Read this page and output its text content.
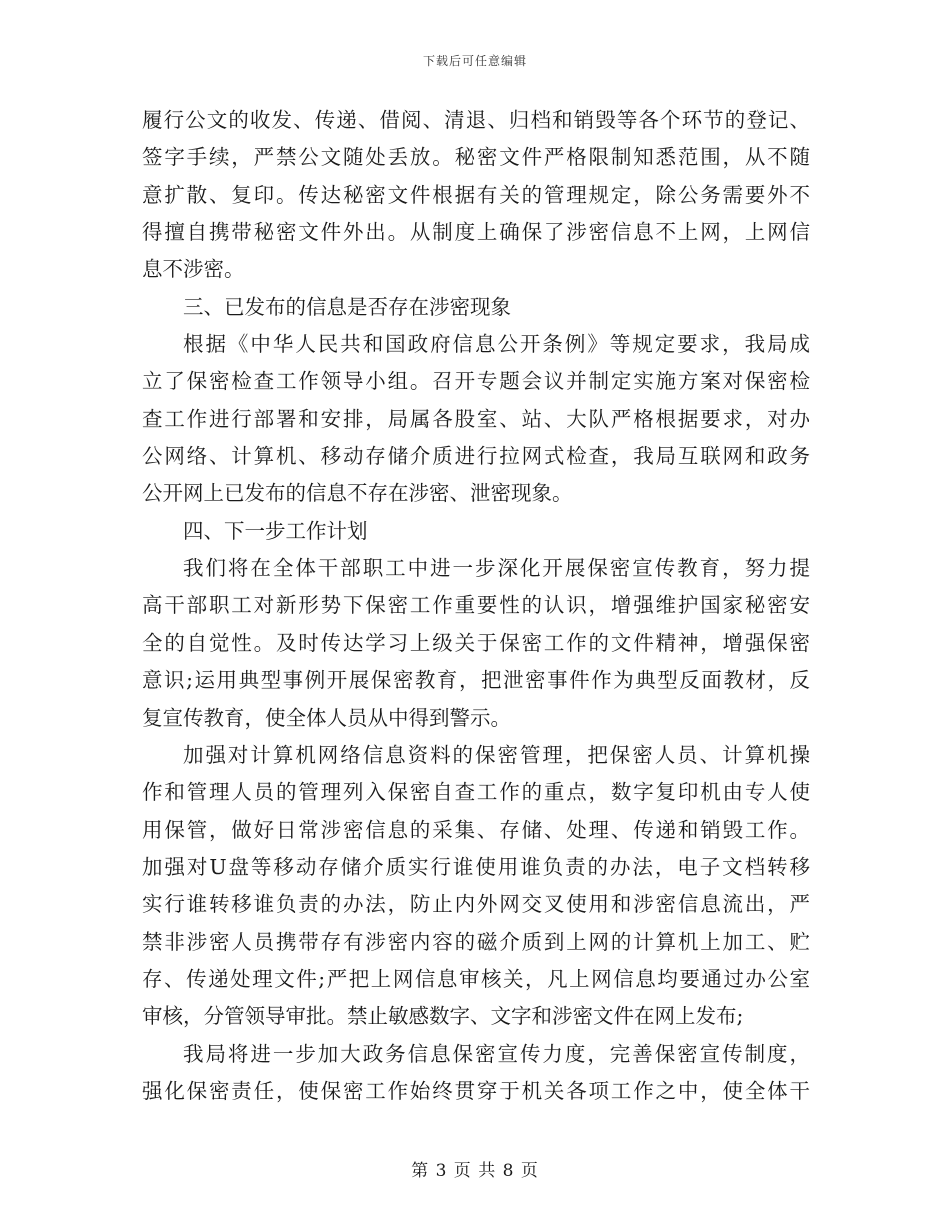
下载后可任意编辑
履行公文的收发、传递、借阅、清退、归档和销毁等各个环节的登记、
签字手续，严禁公文随处丢放。秘密文件严格限制知悉范围，从不随
意扩散、复印。传达秘密文件根据有关的管理规定，除公务需要外不
得擅自携带秘密文件外出。从制度上确保了涉密信息不上网，上网信
息不涉密。
三、已发布的信息是否存在涉密现象
根据《中华人民共和国政府信息公开条例》等规定要求，我局成
立了保密检查工作领导小组。召开专题会议并制定实施方案对保密检
查工作进行部署和安排，局属各股室、站、大队严格根据要求，对办
公网络、计算机、移动存储介质进行拉网式检查，我局互联网和政务
公开网上已发布的信息不存在涉密、泄密现象。
四、下一步工作计划
我们将在全体干部职工中进一步深化开展保密宣传教育，努力提
高干部职工对新形势下保密工作重要性的认识，增强维护国家秘密安
全的自觉性。及时传达学习上级关于保密工作的文件精神，增强保密
意识;运用典型事例开展保密教育，把泄密事件作为典型反面教材，反
复宣传教育，使全体人员从中得到警示。
加强对计算机网络信息资料的保密管理，把保密人员、计算机操
作和管理人员的管理列入保密自查工作的重点，数字复印机由专人使
用保管，做好日常涉密信息的采集、存储、处理、传递和销毁工作。
加强对U盘等移动存储介质实行谁使用谁负责的办法，电子文档转移
实行谁转移谁负责的办法，防止内外网交叉使用和涉密信息流出，严
禁非涉密人员携带存有涉密内容的磁介质到上网的计算机上加工、贮
存、传递处理文件;严把上网信息审核关，凡上网信息均要通过办公室
审核，分管领导审批。禁止敏感数字、文字和涉密文件在网上发布;
我局将进一步加大政务信息保密宣传力度，完善保密宣传制度，
强化保密责任，使保密工作始终贯穿于机关各项工作之中，使全体干
第 3 页 共 8 页
